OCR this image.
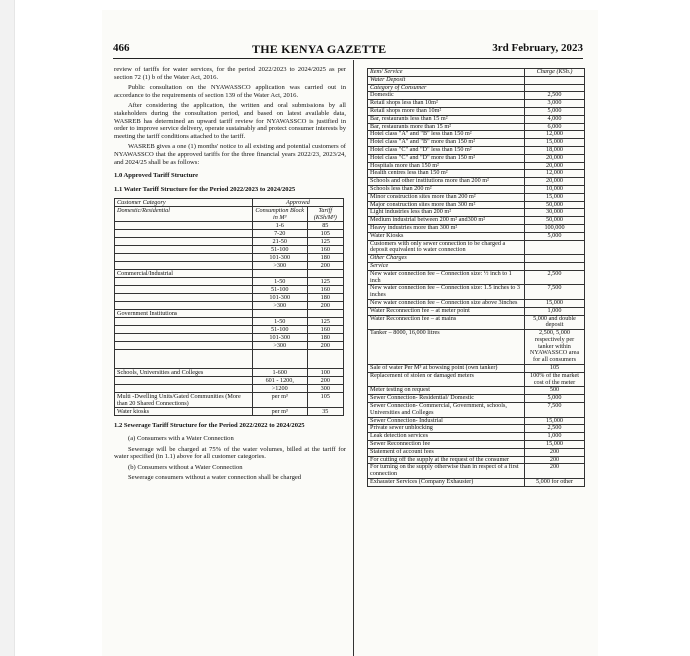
466	THE KENYA GAZETTE	3rd February, 2023

review of tariffs for water services, for the period 2022/2023 to 2024/2025 as per section 72 (1) b of the Water Act, 2016.

Public consultation on the NYAWASSCO application was carried out in accordance to the requirements of section 139 of the Water Act, 2016.

After considering the application, the written and oral submissions by all stakeholders during the consultation period, and based on latest available data, WASREB has determined an upward tariff review for NYAWASSCO is justified in order to improve service delivery, operate sustainably and protect consumer interests by meeting the tariff conditions attached to the tariff.

WASREB gives a one (1) months' notice to all existing and potential customers of NYAWASSCO that the approved tariffs for the three financial years 2022/23, 2023/24, and 2024/25 shall be as follows:

1.0 Approved Tariff Structure

1.1 Water Tariff Structure for the Period 2022/2023 to 2024/2025

Customer Category	Approved	
Domestic/Residential	Consumption Block in M³	Tariff (KSh/M³)
	1-6	85
	7-20	105
	21-50	125
	51-100	160
	101-300	180
	>300	200
Commercial/Industrial		
	1-50	125
	51-100	160
	101-300	180
	>300	200
Government Institutions		
	1-50	125
	51-100	160
	101-300	180
	>300	200

Schools, Universities and Colleges	1-600	100
	601 - 1200,	200
	>1200	300
Multi -Dwelling Units/Gated Communities (More than 20 Shared Connections)	per m³	105
Water kiosks	per m³	35

1.2 Sewerage Tariff Structure for the Period 2022/2022 to 2024/2025

(a) Consumers with a Water Connection

Sewerage will be charged at 75% of the water volumes, billed at the tariff for water specified (in 1.1) above for all customer categories.

(b) Consumers without a Water Connection

Sewerage consumers without a water connection shall be charged

Item/ Service	Charge (KSh.)
Water Deposit	
Category of Consumer	
Domestic	2,500
Retail shops less than 10m²	3,000
Retail shops more than 10m²	5,000
Bar, restaurants less than 15 m²	4,000
Bar, restaurants more than 15 m²	6,000
Hotel class "A" and "B" less than 150 m²	12,000
Hotel class "A" and "B" more than 150 m²	15,000
Hotel class "C" and "D" less than 150 m²	18,000
Hotel class "C" and "D" more than 150 m²	20,000
Hospitals more than 150 m²	20,000
Health centres less than 150 m²	12,000
Schools and other institutions more than 200 m²	20,000
Schools less than 200 m²	10,000
Minor construction sites more than 200 m²	15,000
Major construction sites more than 300 m²	50,000
Light industries less than 200 m²	30,000
Medium industrial between 200 m² and300 m²	50,000
Heavy industries more than 300 m²	100,000
Water Kiosks	5,000
Customers with only sewer connection to be charged a deposit equivalent to water connection	
Other Charges	
Service	
New water connection fee – Connection size: ½ inch to 1 inch	2,500
New water connection fee – Connection size: 1.5 inches to 3 inches	7,500
New water connection fee – Connection size above 3inches	15,000
Water Reconnection fee – at meter point	1,000
Water Reconnection fee – at mains	5,000 and double deposit
Tanker – 8000, 16,000 litres	2,500, 5,000 respectively per tanker within NYAWASSCO area for all consumers
Sale of water Per M³ at bowsing point (own tanker)	105
Replacement of stolen or damaged meters	100% of the market cost of the meter
Meter testing on request	500
Sewer Connection- Residential/ Domestic	5,000
Sewer Connection- Commercial, Government, schools, Universities and Colleges	7,500
Sewer Connection- Industrial	15,000
Private sewer unblocking	2,500
Leak detection services	1,000
Sewer Reconnection fee	15,000
Statement of account fees	200
For cutting off the supply at the request of the consumer	200
For turning on the supply otherwise than in respect of a first connection	200
Exhauster Services (Company Exhauster)	5,000 for other
